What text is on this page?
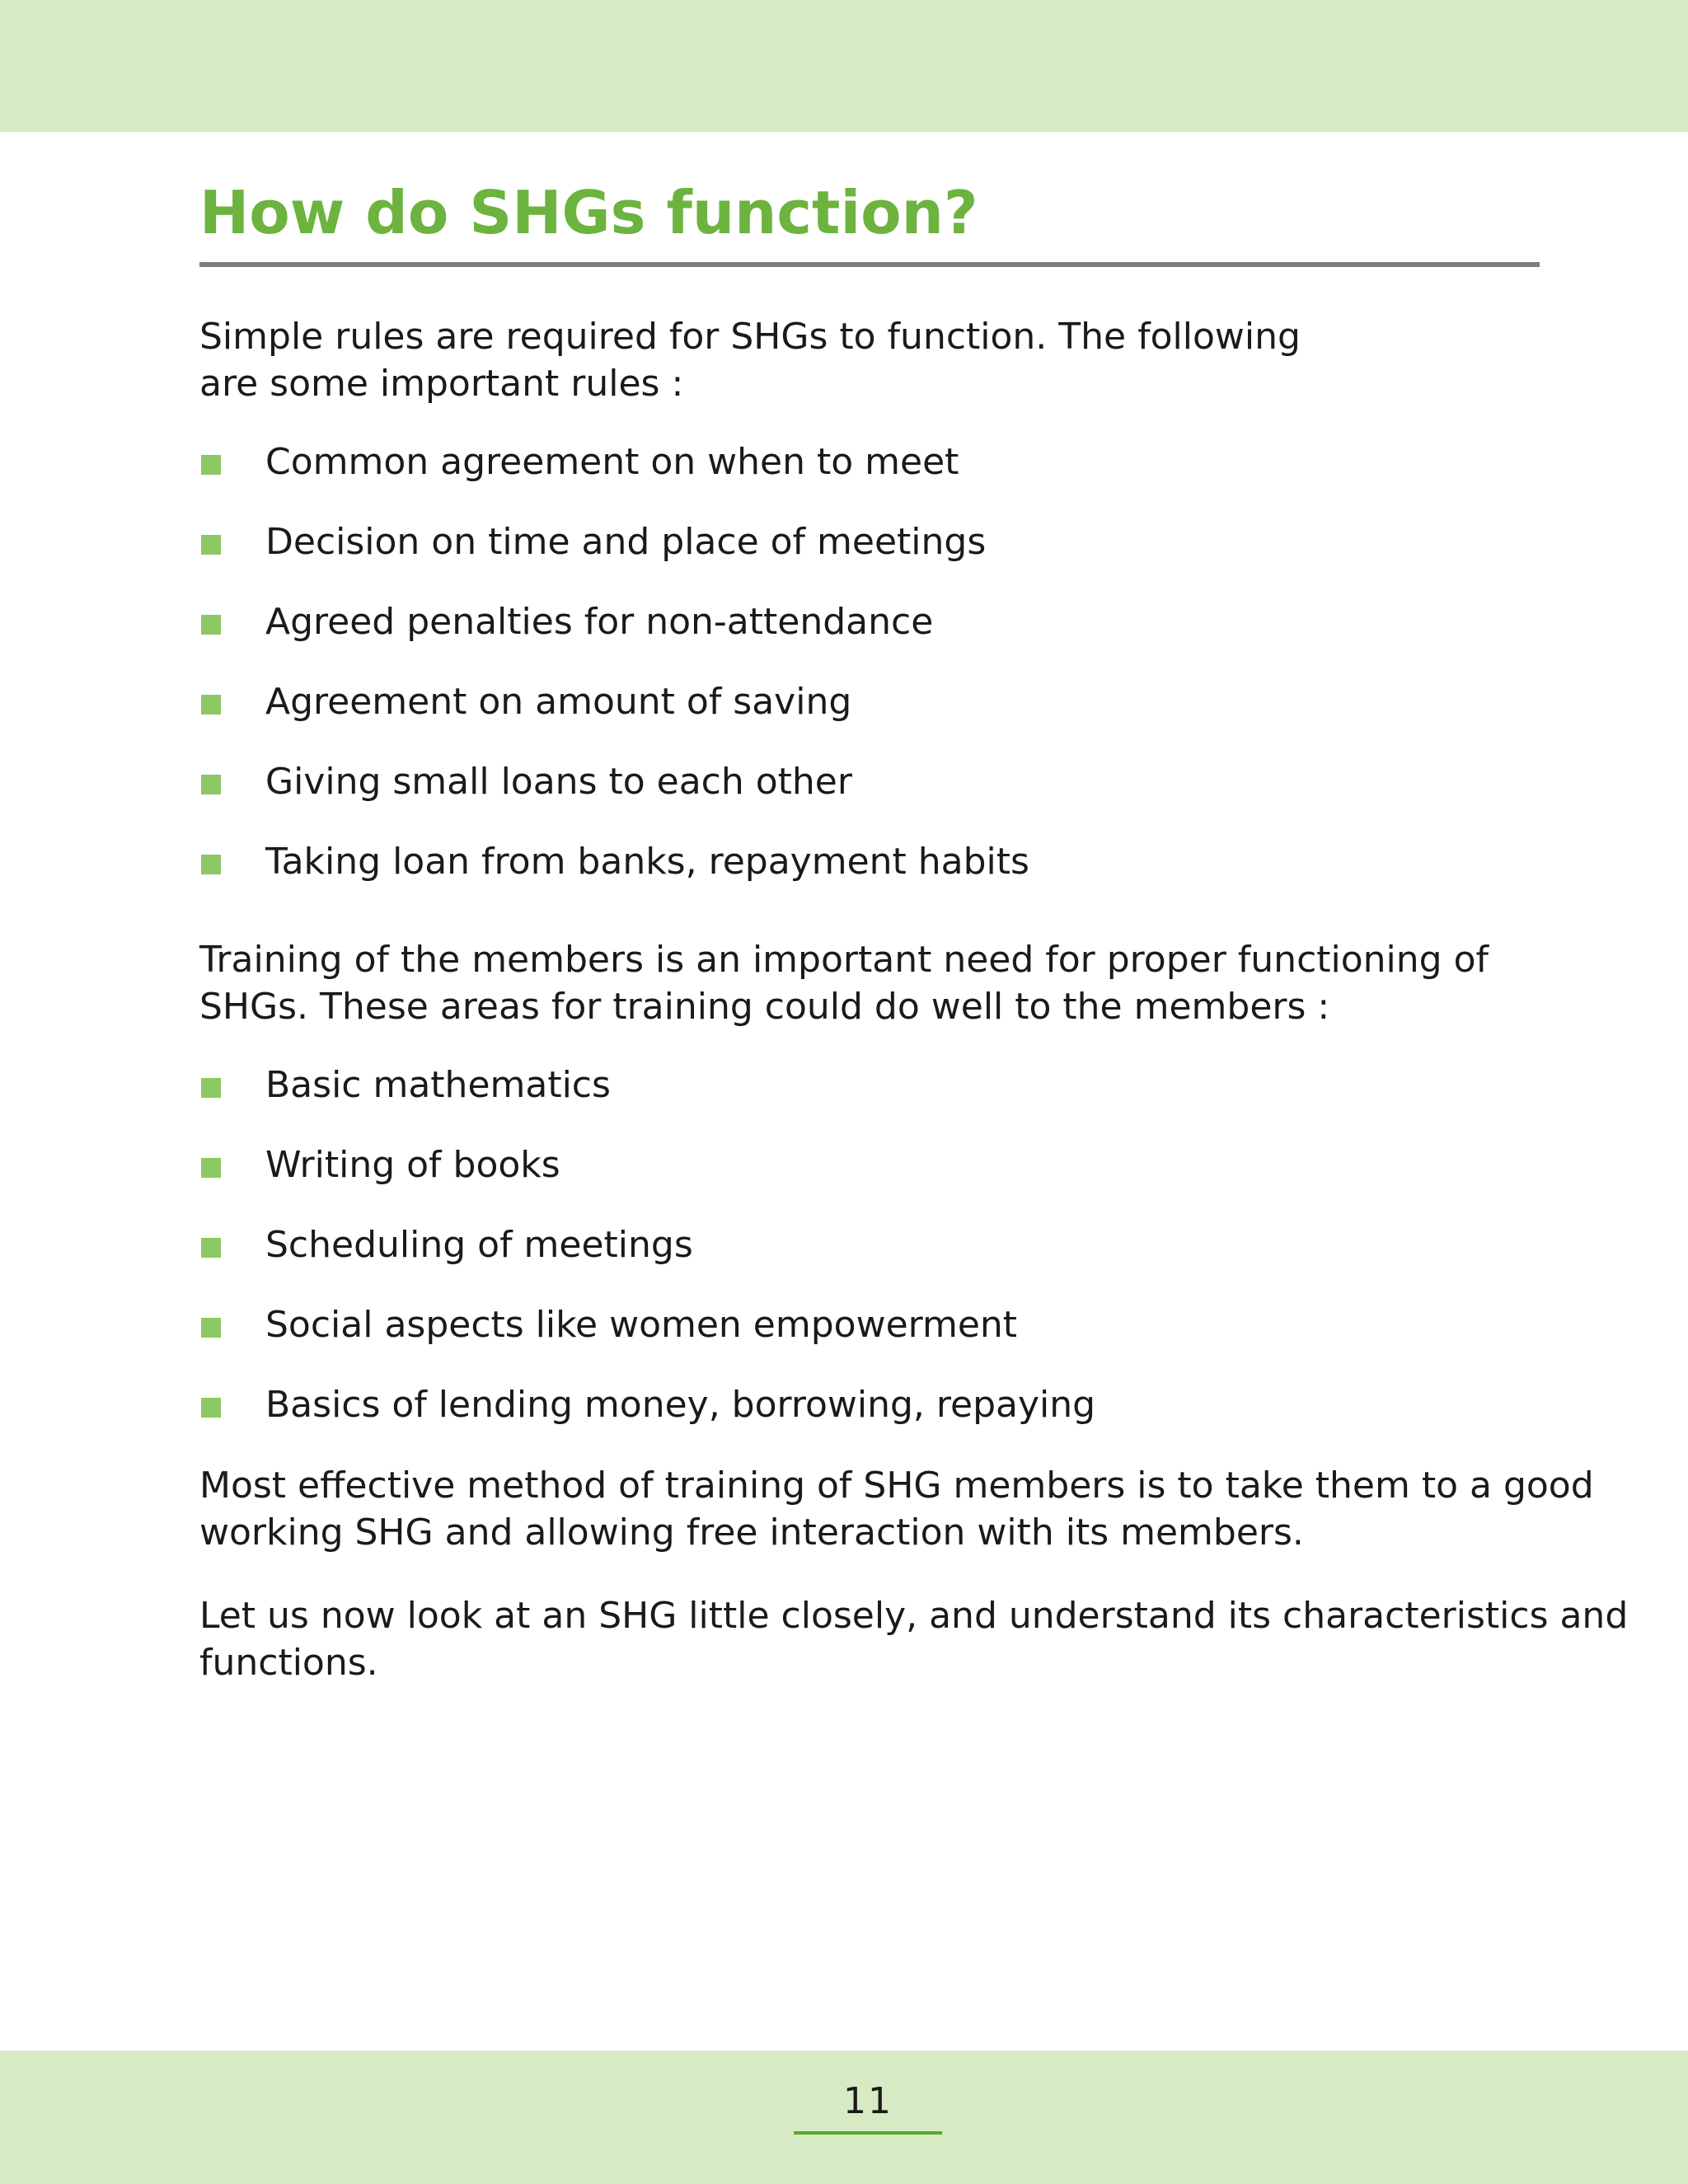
How do SHGs function?

Simple rules are required for SHGs to function. The following
are some important rules :

Common agreement on when to meet
Decision on time and place of meetings
Agreed penalties for non-attendance
Agreement on amount of saving
Giving small loans to each other
Taking loan from banks, repayment habits

Training of the members is an important need for proper functioning of
SHGs. These areas for training could do well to the members :

Basic mathematics
Writing of books
Scheduling of meetings
Social aspects like women empowerment
Basics of lending money, borrowing, repaying

Most effective method of training of SHG members is to take them to a good
working SHG and allowing free interaction with its members.

Let us now look at an SHG little closely, and understand its characteristics and
functions.

11
